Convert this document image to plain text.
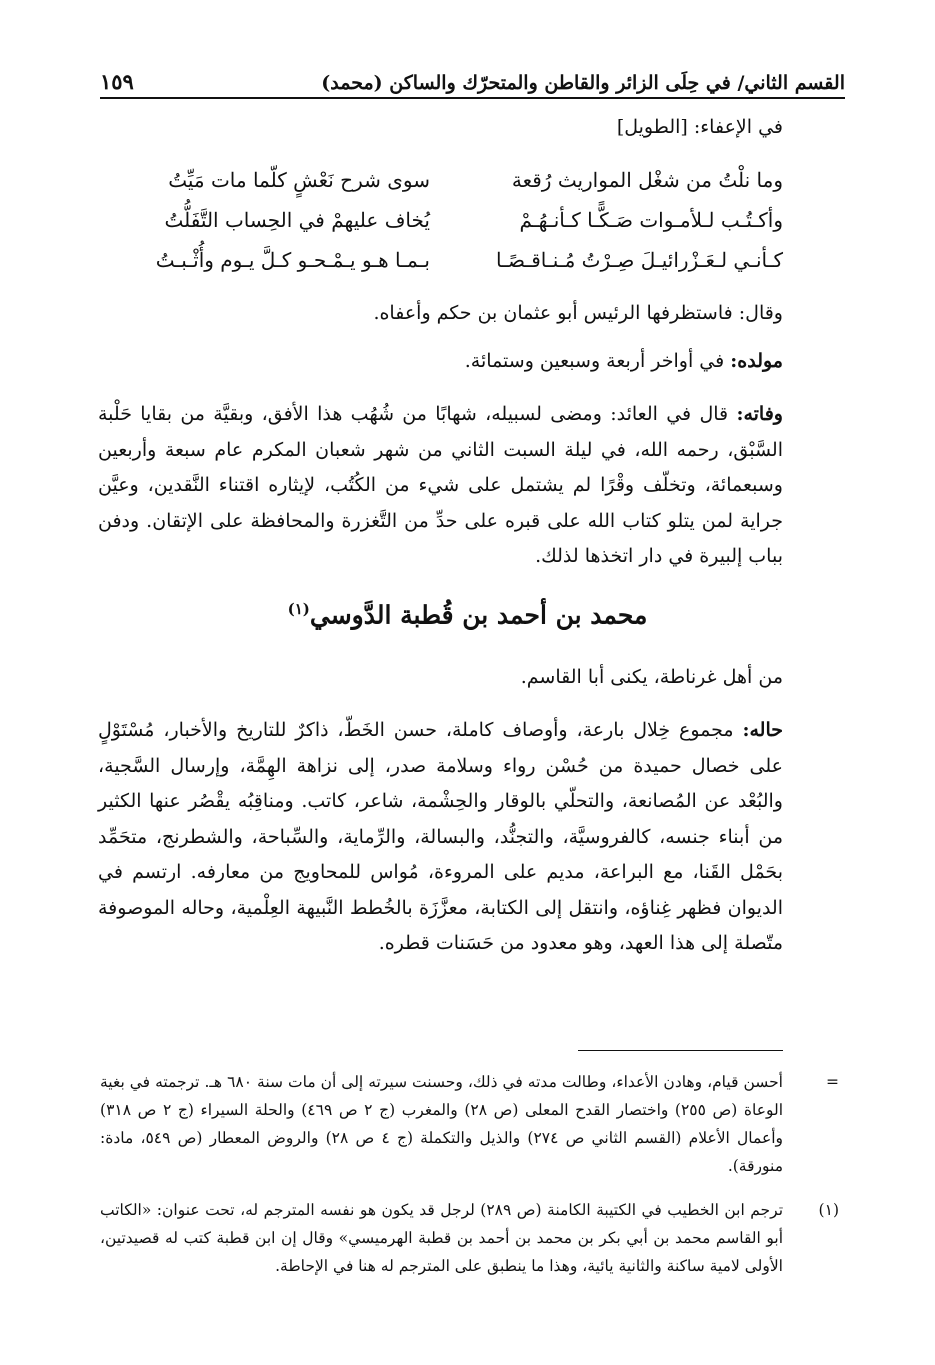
القسم الثاني/ في حِلَى الزائر والقاطن والمتحرّك والساكن (محمد)
١٥٩
في الإعفاء: [الطويل]
وما نلْتُ من شغْل المواريث رُقعة
سوى شرح نَعْشٍ كلّما مات مَيِّتُ
وأكـتُـب لـلأمـوات صَـكًّـا كـأنـهُـمْ
يُخاف عليهمْ في الحِساب التَّفَلُّتُ
كـأنـي لـعَـزْرائيـلَ صِـرْتُ مُـنـاقـصًـا
بـمـا هـو يـمْـحـو كـلَّ يـوم وأُثْـبـتُ
وقال: فاستظرفها الرئيس أبو عثمان بن حكم وأعفاه.
مولده: في أواخر أربعة وسبعين وستمائة.
وفاته: قال في العائد: ومضى لسبيله، شهابًا من شُهُب هذا الأفق، وبقيَّة من بقايا حَلْبة السَّبْق، رحمه الله، في ليلة السبت الثاني من شهر شعبان المكرم عام سبعة وأربعين وسبعمائة، وتخلّف وقْرًا لم يشتمل على شيء من الكُتُب، لإيثاره اقتناء النَّقدين، وعيَّن جراية لمن يتلو كتاب الله على قبره على حدِّ من التَّغزرة والمحافظة على الإتقان. ودفن بباب إلبيرة في دار اتخذها لذلك.
محمد بن أحمد بن قُطبة الدَّوسي$^{(١)}$
من أهل غرناطة، يكنى أبا القاسم.
حاله: مجموع خِلال بارعة، وأوصاف كاملة، حسن الخَطّ، ذاكرٌ للتاريخ والأخبار، مُسْتَوْلٍ على خصال حميدة من حُسْن رواء وسلامة صدر، إلى نزاهة الهِمَّة، وإرسال السَّجية، والبُعْد عن المُصانعة، والتحلّي بالوقار والحِشْمة، شاعر، كاتب. ومناقِبُه يقْصُر عنها الكثير من أبناء جنسه، كالفروسيَّة، والتجنُّد، والبسالة، والرِّماية، والسِّباحة، والشطرنج، متحَمِّد بحَمْل القَنا، مع البراعة، مديم على المروءة، مُواس للمحاويج من معارفه. ارتسم في الديوان فظهر غِناؤه، وانتقل إلى الكتابة، معزَّزَة بالخُطط النَّبيهة العِلْمية، وحاله الموصوفة متّصلة إلى هذا العهد، وهو معدود من حَسَنات قطره.
=
أحسن قيام، وهادن الأعداء، وطالت مدته في ذلك، وحسنت سيرته إلى أن مات سنة ٦٨٠ هـ. ترجمته في بغية الوعاة (ص ٢٥٥) واختصار القدح المعلى (ص ٢٨) والمغرب (ج ٢ ص ٤٦٩) والحلة السيراء (ج ٢ ص ٣١٨) وأعمال الأعلام (القسم الثاني ص ٢٧٤) والذيل والتكملة (ج ٤ ص ٢٨) والروض المعطار (ص ٥٤٩، مادة: منورقة).
(١)
ترجم ابن الخطيب في الكتيبة الكامنة (ص ٢٨٩) لرجل قد يكون هو نفسه المترجم له، تحت عنوان: «الكاتب أبو القاسم محمد بن أبي بكر بن محمد بن أحمد بن قطبة الهرميسي» وقال إن ابن قطبة كتب له قصيدتين، الأولى لامية ساكنة والثانية يائية، وهذا ما ينطبق على المترجم له هنا في الإحاطة.
